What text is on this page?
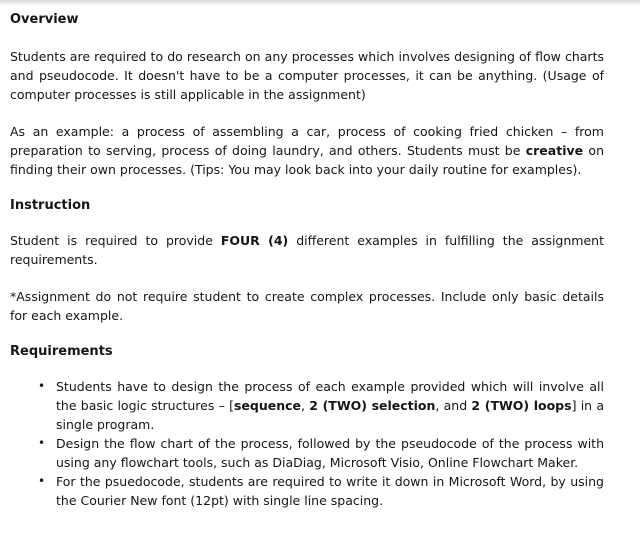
Overview

Students are required to do research on any processes which involves designing of flow charts and pseudocode. It doesn't have to be a computer processes, it can be anything. (Usage of computer processes is still applicable in the assignment)

As an example: a process of assembling a car, process of cooking fried chicken – from preparation to serving, process of doing laundry, and others. Students must be creative on finding their own processes. (Tips: You may look back into your daily routine for examples).

Instruction

Student is required to provide FOUR (4) different examples in fulfilling the assignment requirements.

*Assignment do not require student to create complex processes. Include only basic details for each example.

Requirements
• Students have to design the process of each example provided which will involve all the basic logic structures – [sequence, 2 (TWO) selection, and 2 (TWO) loops] in a single program.
• Design the flow chart of the process, followed by the pseudocode of the process with using any flowchart tools, such as DiaDiag, Microsoft Visio, Online Flowchart Maker.
• For the psuedocode, students are required to write it down in Microsoft Word, by using the Courier New font (12pt) with single line spacing.
